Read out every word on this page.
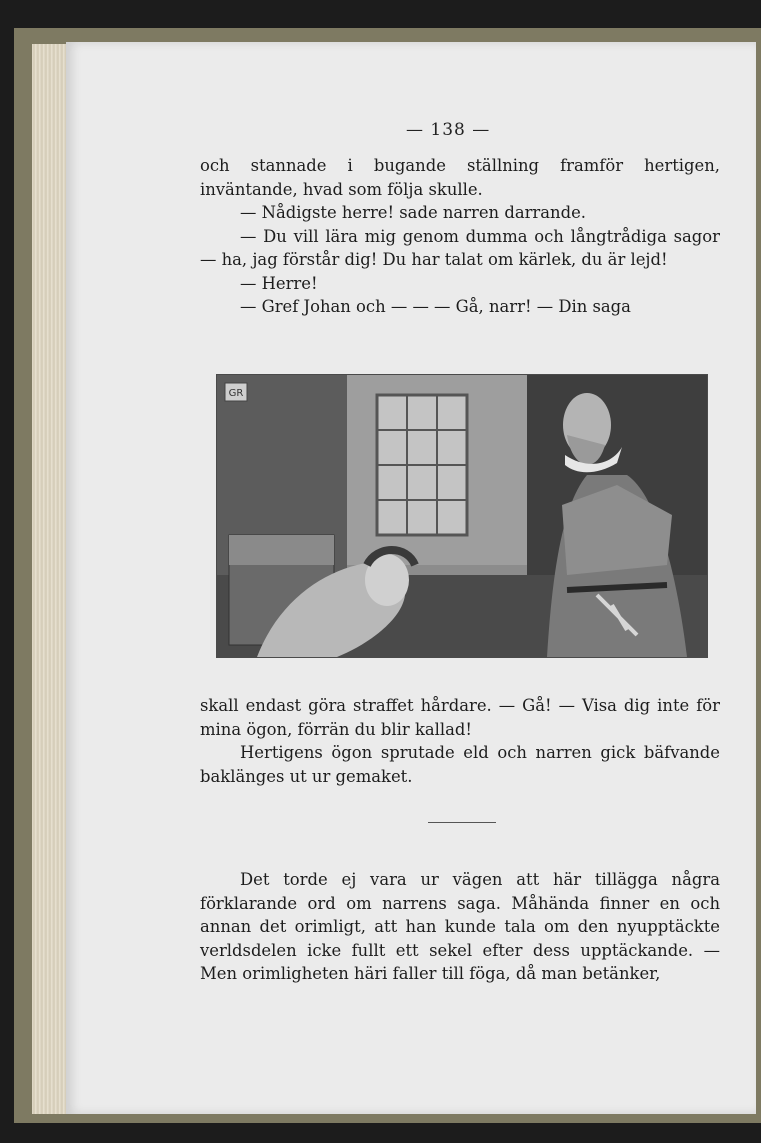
— 138 —

och stannade i bugande ställning framför hertigen, inväntande, hvad som följa skulle.

— Nådigste herre! sade narren darrande.

— Du vill lära mig genom dumma och långtrådiga sagor — ha, jag förstår dig! Du har talat om kärlek, du är lejd!

— Herre!

— Gref Johan och — — — Gå, narr! — Din saga

GR

skall endast göra straffet hårdare. — Gå! — Visa dig inte för mina ögon, förrän du blir kallad!

Hertigens ögon sprutade eld och narren gick bäfvande baklänges ut ur gemaket.

Det torde ej vara ur vägen att här tillägga några förklarande ord om narrens saga. Måhända finner en och annan det orimligt, att han kunde tala om den nyupptäckte verldsdelen icke fullt ett sekel efter dess upptäckande. — Men orimligheten häri faller till föga, då man betänker,
